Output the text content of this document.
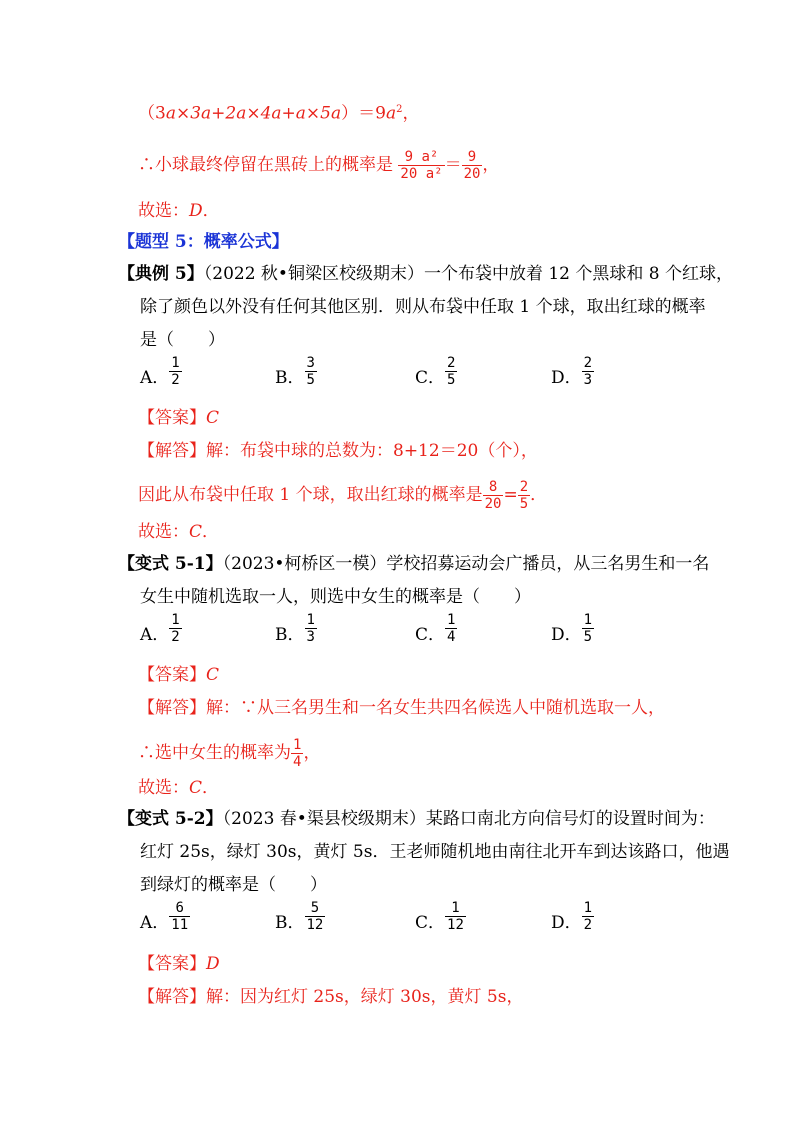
$(3a\times 3a+2a\times 4a+a\times 5a)=9a^2$，
∴小球最终停留在黑砖上的概率是 $\frac{\text{9 a²}}{\text{20 a²}} = \frac{9}{20}$ ，
故选：D．
【题型 5：概率公式】
【典例 5】（2022 秋•铜梁区校级期末）一个布袋中放着 12 个黑球和 8 个红球，
除了颜色以外没有任何其他区别．则从布袋中任取 1 个球，取出红球的概率
是（　　）
A． $\frac{1}{2}$	B． $\frac{3}{5}$	C． $\frac{2}{5}$	D． $\frac{2}{3}$
【答案】C
【解答】解：布袋中球的总数为：8+12＝20（个），
因此从布袋中任取 1 个球，取出红球的概率是 $\frac{8}{20} = \frac{2}{5}$ ．
故选：C．
【变式 5-1】（2023•柯桥区一模）学校招募运动会广播员，从三名男生和一名
女生中随机选取一人，则选中女生的概率是（　　）
A． $\frac{1}{2}$	B． $\frac{1}{3}$	C． $\frac{1}{4}$	D． $\frac{1}{5}$
【答案】C
【解答】解：∵从三名男生和一名女生共四名候选人中随机选取一人，
∴选中女生的概率为 $\frac{1}{4}$ ，
故选：C．
【变式 5-2】（2023 春•渠县校级期末）某路口南北方向信号灯的设置时间为：
红灯 25s，绿灯 30s，黄灯 5s．王老师随机地由南往北开车到达该路口，他遇
到绿灯的概率是（　　）
A． $\frac{6}{11}$	B． $\frac{5}{12}$	C． $\frac{1}{12}$	D． $\frac{1}{2}$
【答案】D
【解答】解：因为红灯 25s，绿灯 30s，黄灯 5s，
